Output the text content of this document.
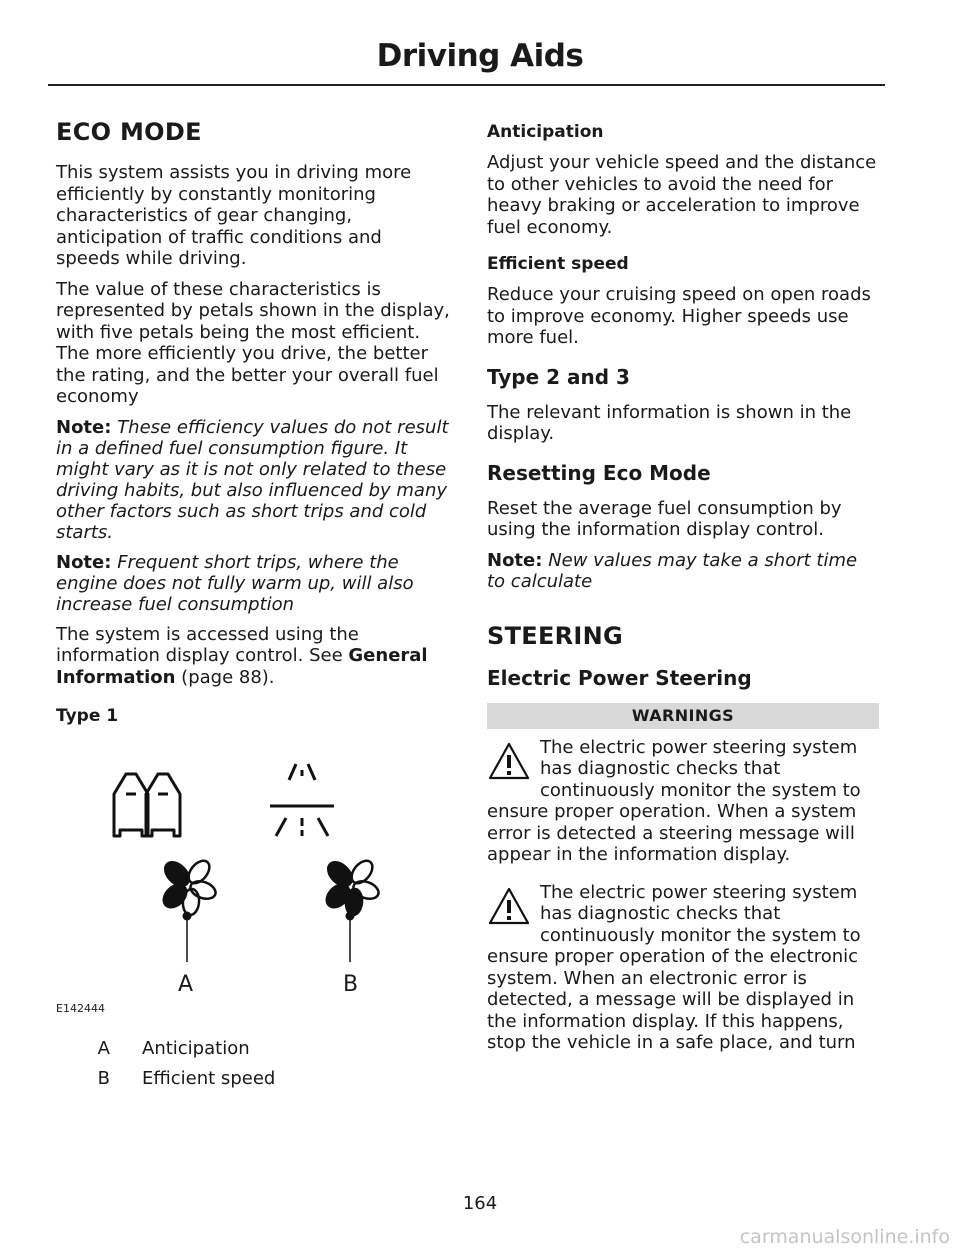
Driving Aids
ECO MODE

This system assists you in driving more efficiently by constantly monitoring characteristics of gear changing, anticipation of traffic conditions and speeds while driving.

The value of these characteristics is represented by petals shown in the display, with five petals being the most efficient. The more efficiently you drive, the better the rating, and the better your overall fuel economy

Note: These efficiency values do not result in a defined fuel consumption figure. It might vary as it is not only related to these driving habits, but also influenced by many other factors such as short trips and cold starts.

Note: Frequent short trips, where the engine does not fully warm up, will also increase fuel consumption

The system is accessed using the information display control. See General Information (page 88).

Type 1
A	B
E142444
A	Anticipation
B	Efficient speed
Anticipation

Adjust your vehicle speed and the distance to other vehicles to avoid the need for heavy braking or acceleration to improve fuel economy.

Efficient speed

Reduce your cruising speed on open roads to improve economy. Higher speeds use more fuel.

Type 2 and 3

The relevant information is shown in the display.

Resetting Eco Mode

Reset the average fuel consumption by using the information display control.

Note: New values may take a short time to calculate

STEERING
Electric Power Steering
WARNINGS
The electric power steering system has diagnostic checks that continuously monitor the system to
ensure proper operation. When a system error is detected a steering message will appear in the information display.
The electric power steering system has diagnostic checks that continuously monitor the system to
ensure proper operation of the electronic system. When an electronic error is detected, a message will be displayed in the information display. If this happens, stop the vehicle in a safe place, and turn
164
carmanualsonline.info
